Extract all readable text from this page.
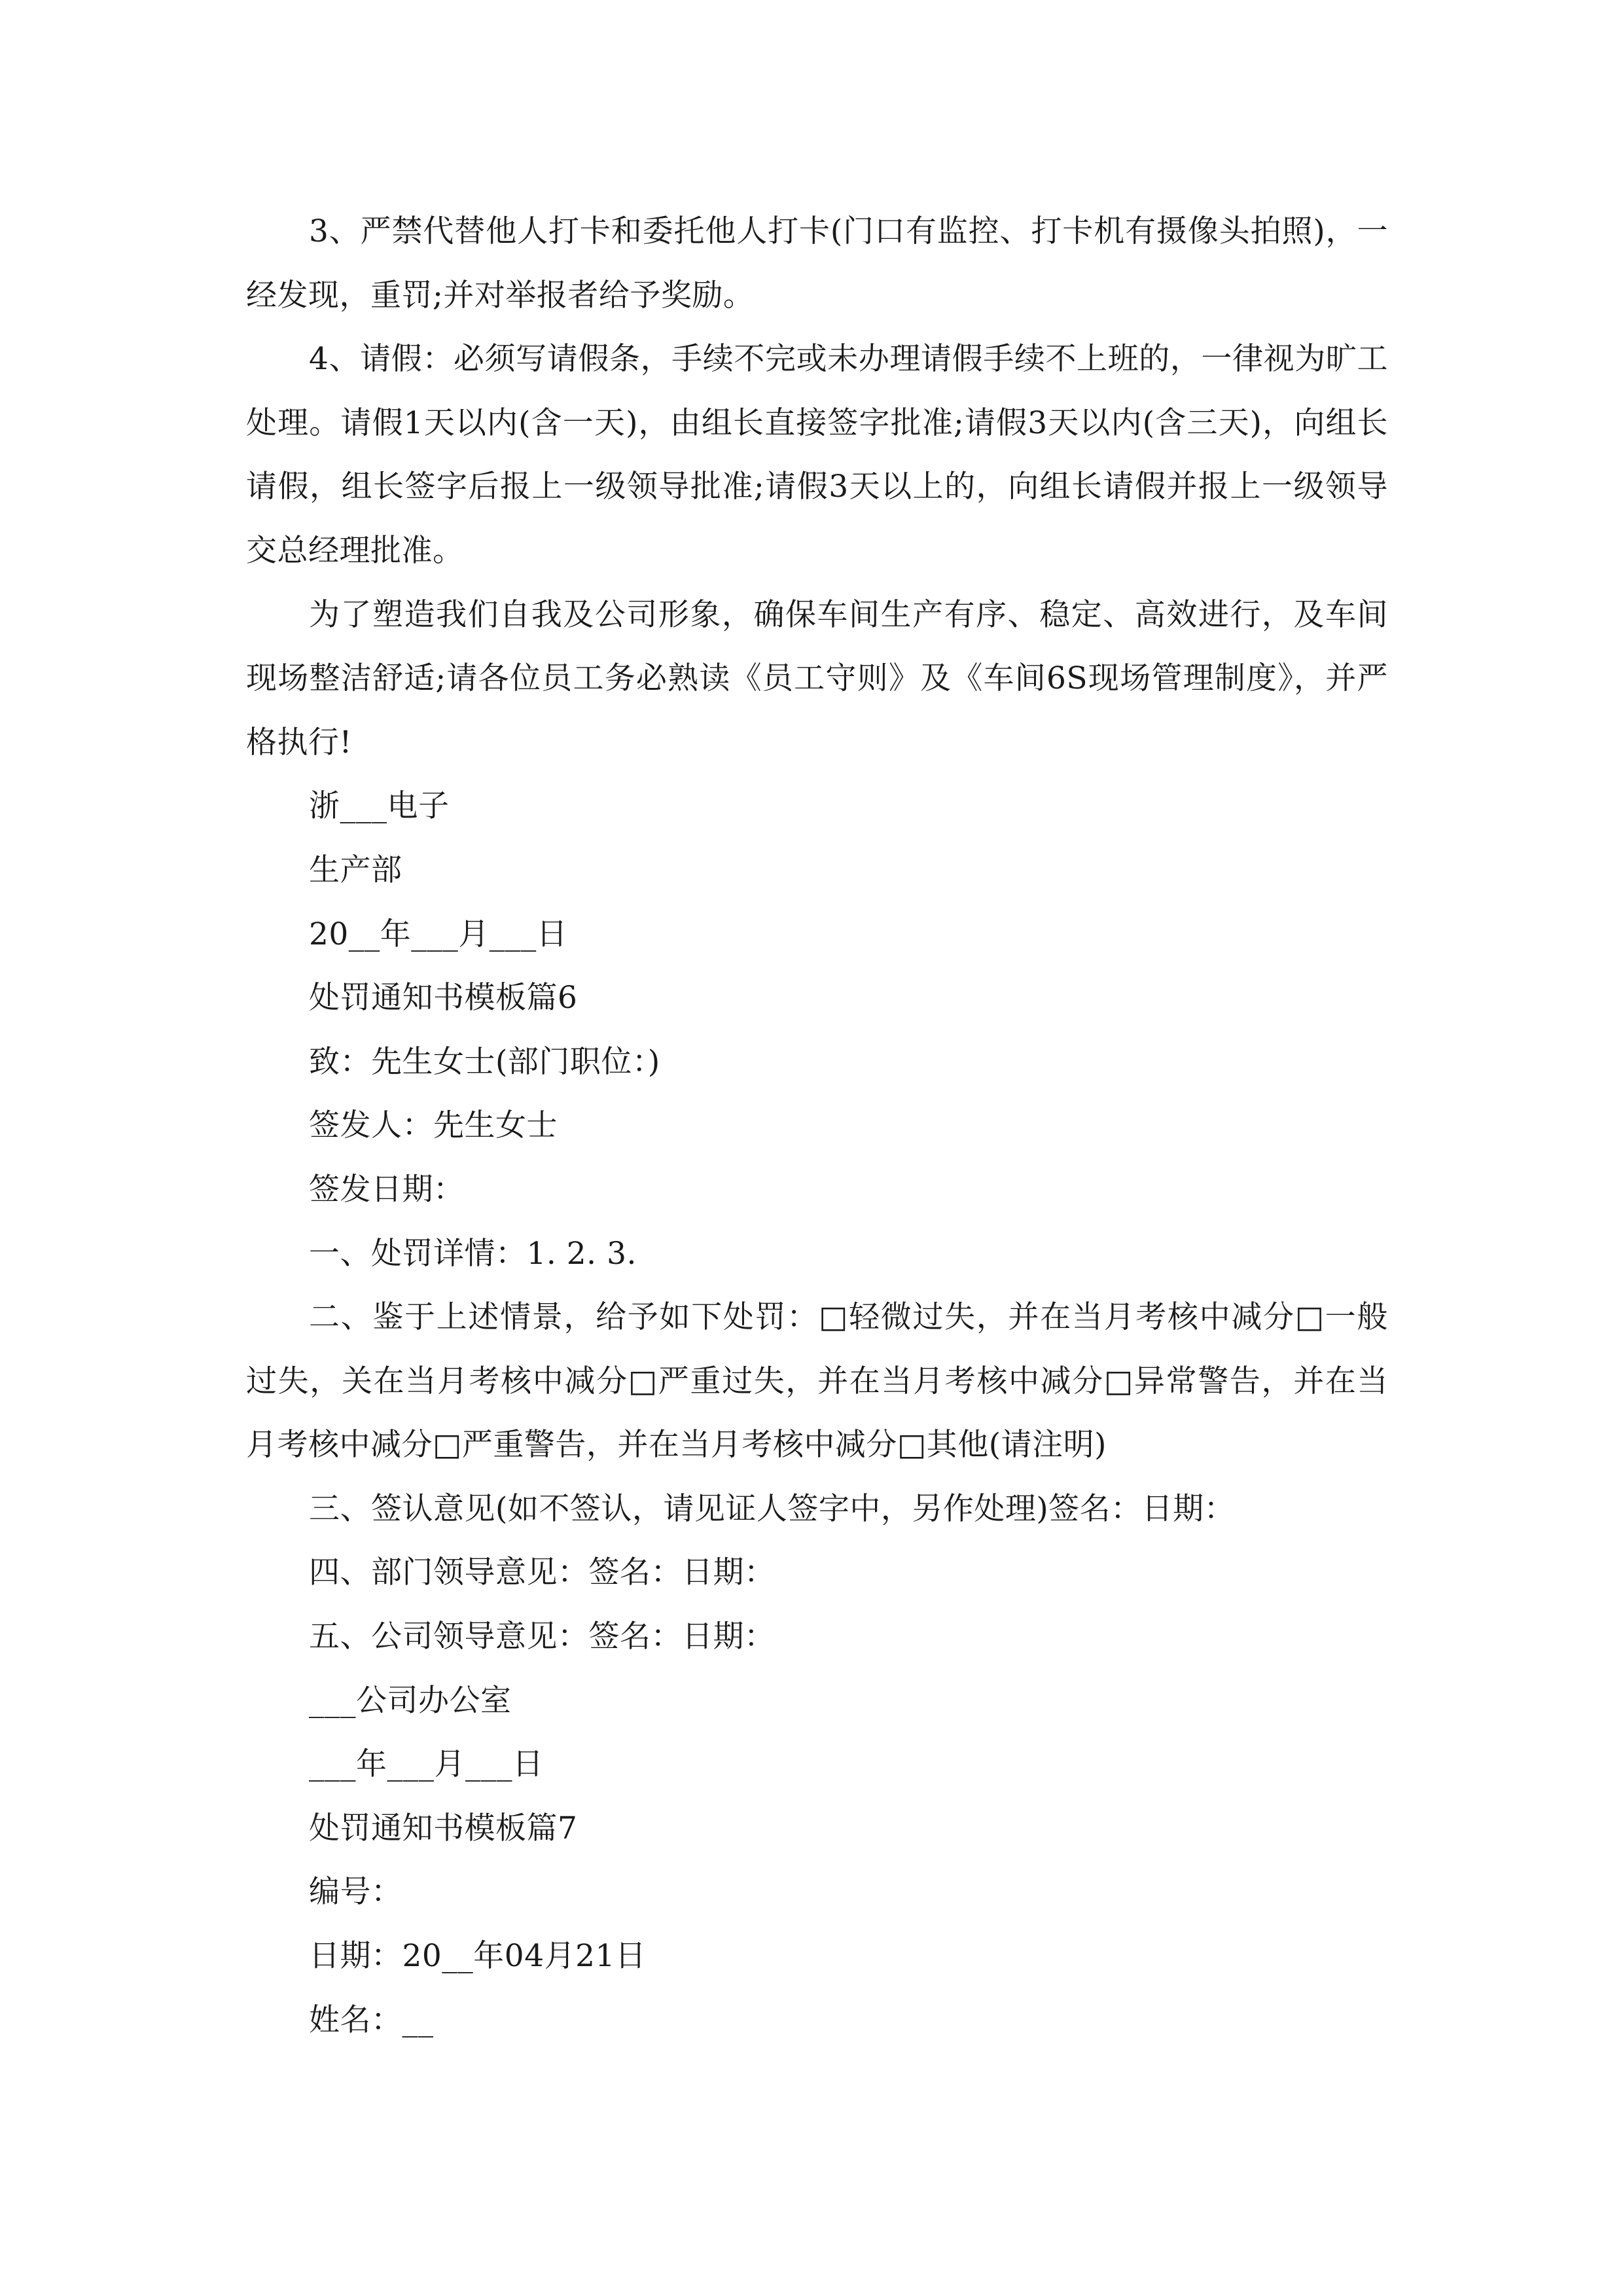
3、严禁代替他人打卡和委托他人打卡(门口有监控、打卡机有摄像头拍照)，一经发现，重罚;并对举报者给予奖励。

4、请假：必须写请假条，手续不完或未办理请假手续不上班的，一律视为旷工处理。请假1天以内(含一天)，由组长直接签字批准;请假3天以内(含三天)，向组长请假，组长签字后报上一级领导批准;请假3天以上的，向组长请假并报上一级领导交总经理批准。

为了塑造我们自我及公司形象，确保车间生产有序、稳定、高效进行，及车间现场整洁舒适;请各位员工务必熟读《员工守则》及《车间6S现场管理制度》，并严格执行!

浙___电子

生产部

20__年___月___日

处罚通知书模板篇6

致：先生女士(部门职位：)

签发人：先生女士

签发日期：

一、处罚详情：1. 2. 3.

二、鉴于上述情景，给予如下处罚：□轻微过失，并在当月考核中减分□一般过失，关在当月考核中减分□严重过失，并在当月考核中减分□异常警告，并在当月考核中减分□严重警告，并在当月考核中减分□其他(请注明)

三、签认意见(如不签认，请见证人签字中，另作处理)签名：日期：

四、部门领导意见：签名：日期：

五、公司领导意见：签名：日期：

___公司办公室

___年___月___日

处罚通知书模板篇7

编号：

日期：20__年04月21日

姓名：__
